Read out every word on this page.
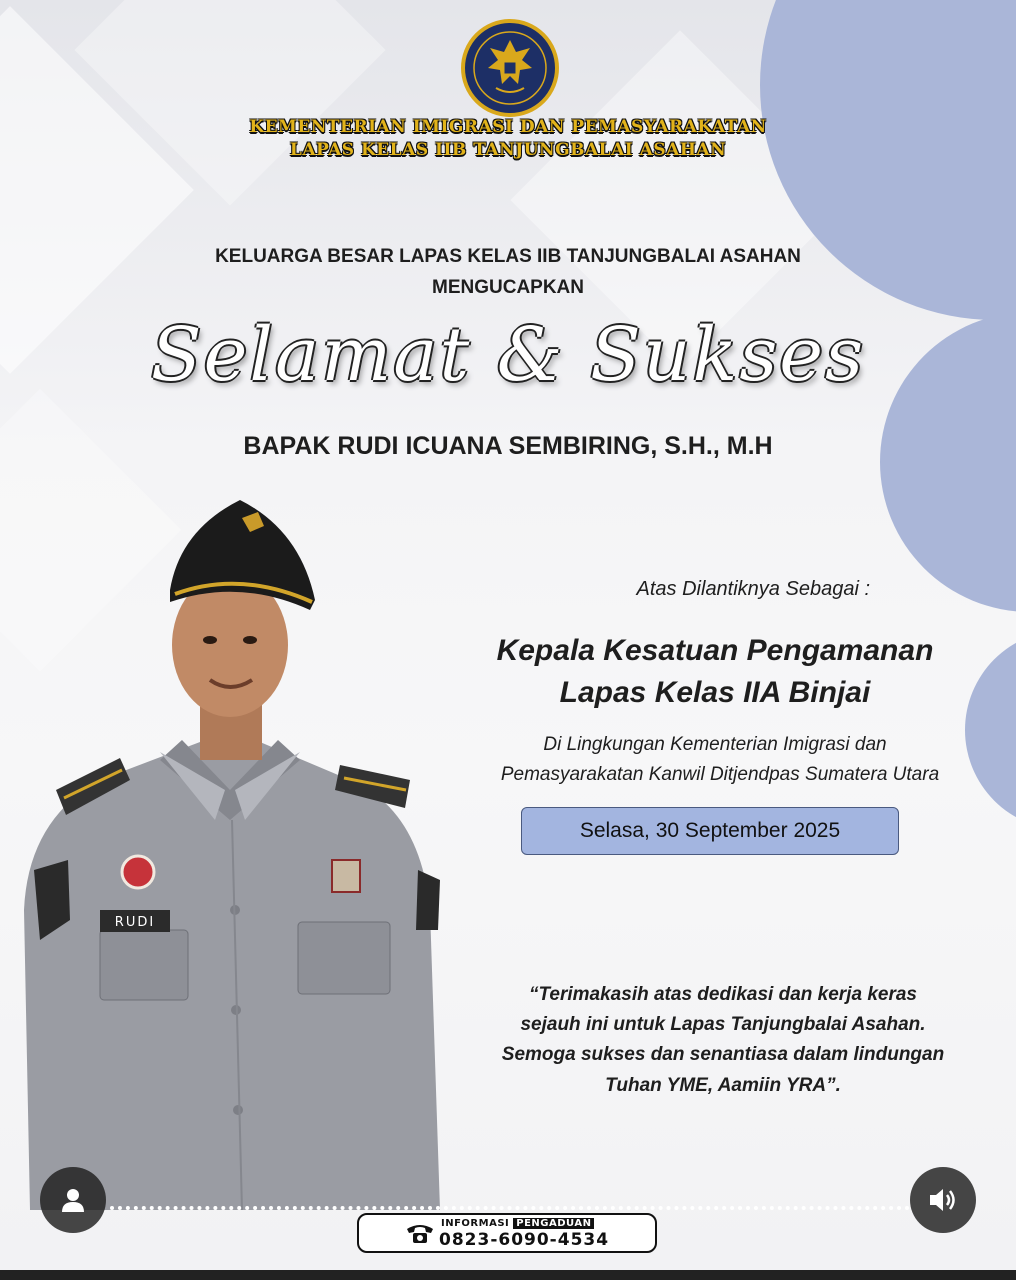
KEMENTERIAN IMIGRASI DAN PEMASYARAKATAN
LAPAS KELAS IIB TANJUNGBALAI ASAHAN
KELUARGA BESAR LAPAS KELAS IIB TANJUNGBALAI ASAHAN
MENGUCAPKAN
Selamat & Sukses
BAPAK RUDI ICUANA SEMBIRING, S.H., M.H
Atas Dilantiknya Sebagai :
Kepala Kesatuan Pengamanan
Lapas Kelas IIA Binjai
Di Lingkungan Kementerian Imigrasi dan
Pemasyarakatan Kanwil Ditjendpas Sumatera Utara
Selasa, 30 September 2025
“Terimakasih atas dedikasi dan kerja keras
sejauh ini untuk Lapas Tanjungbalai Asahan.
Semoga sukses dan senantiasa dalam lindungan
Tuhan YME, Aamiin YRA”.
RUDI
INFORMASI PENGADUAN
0823-6090-4534
